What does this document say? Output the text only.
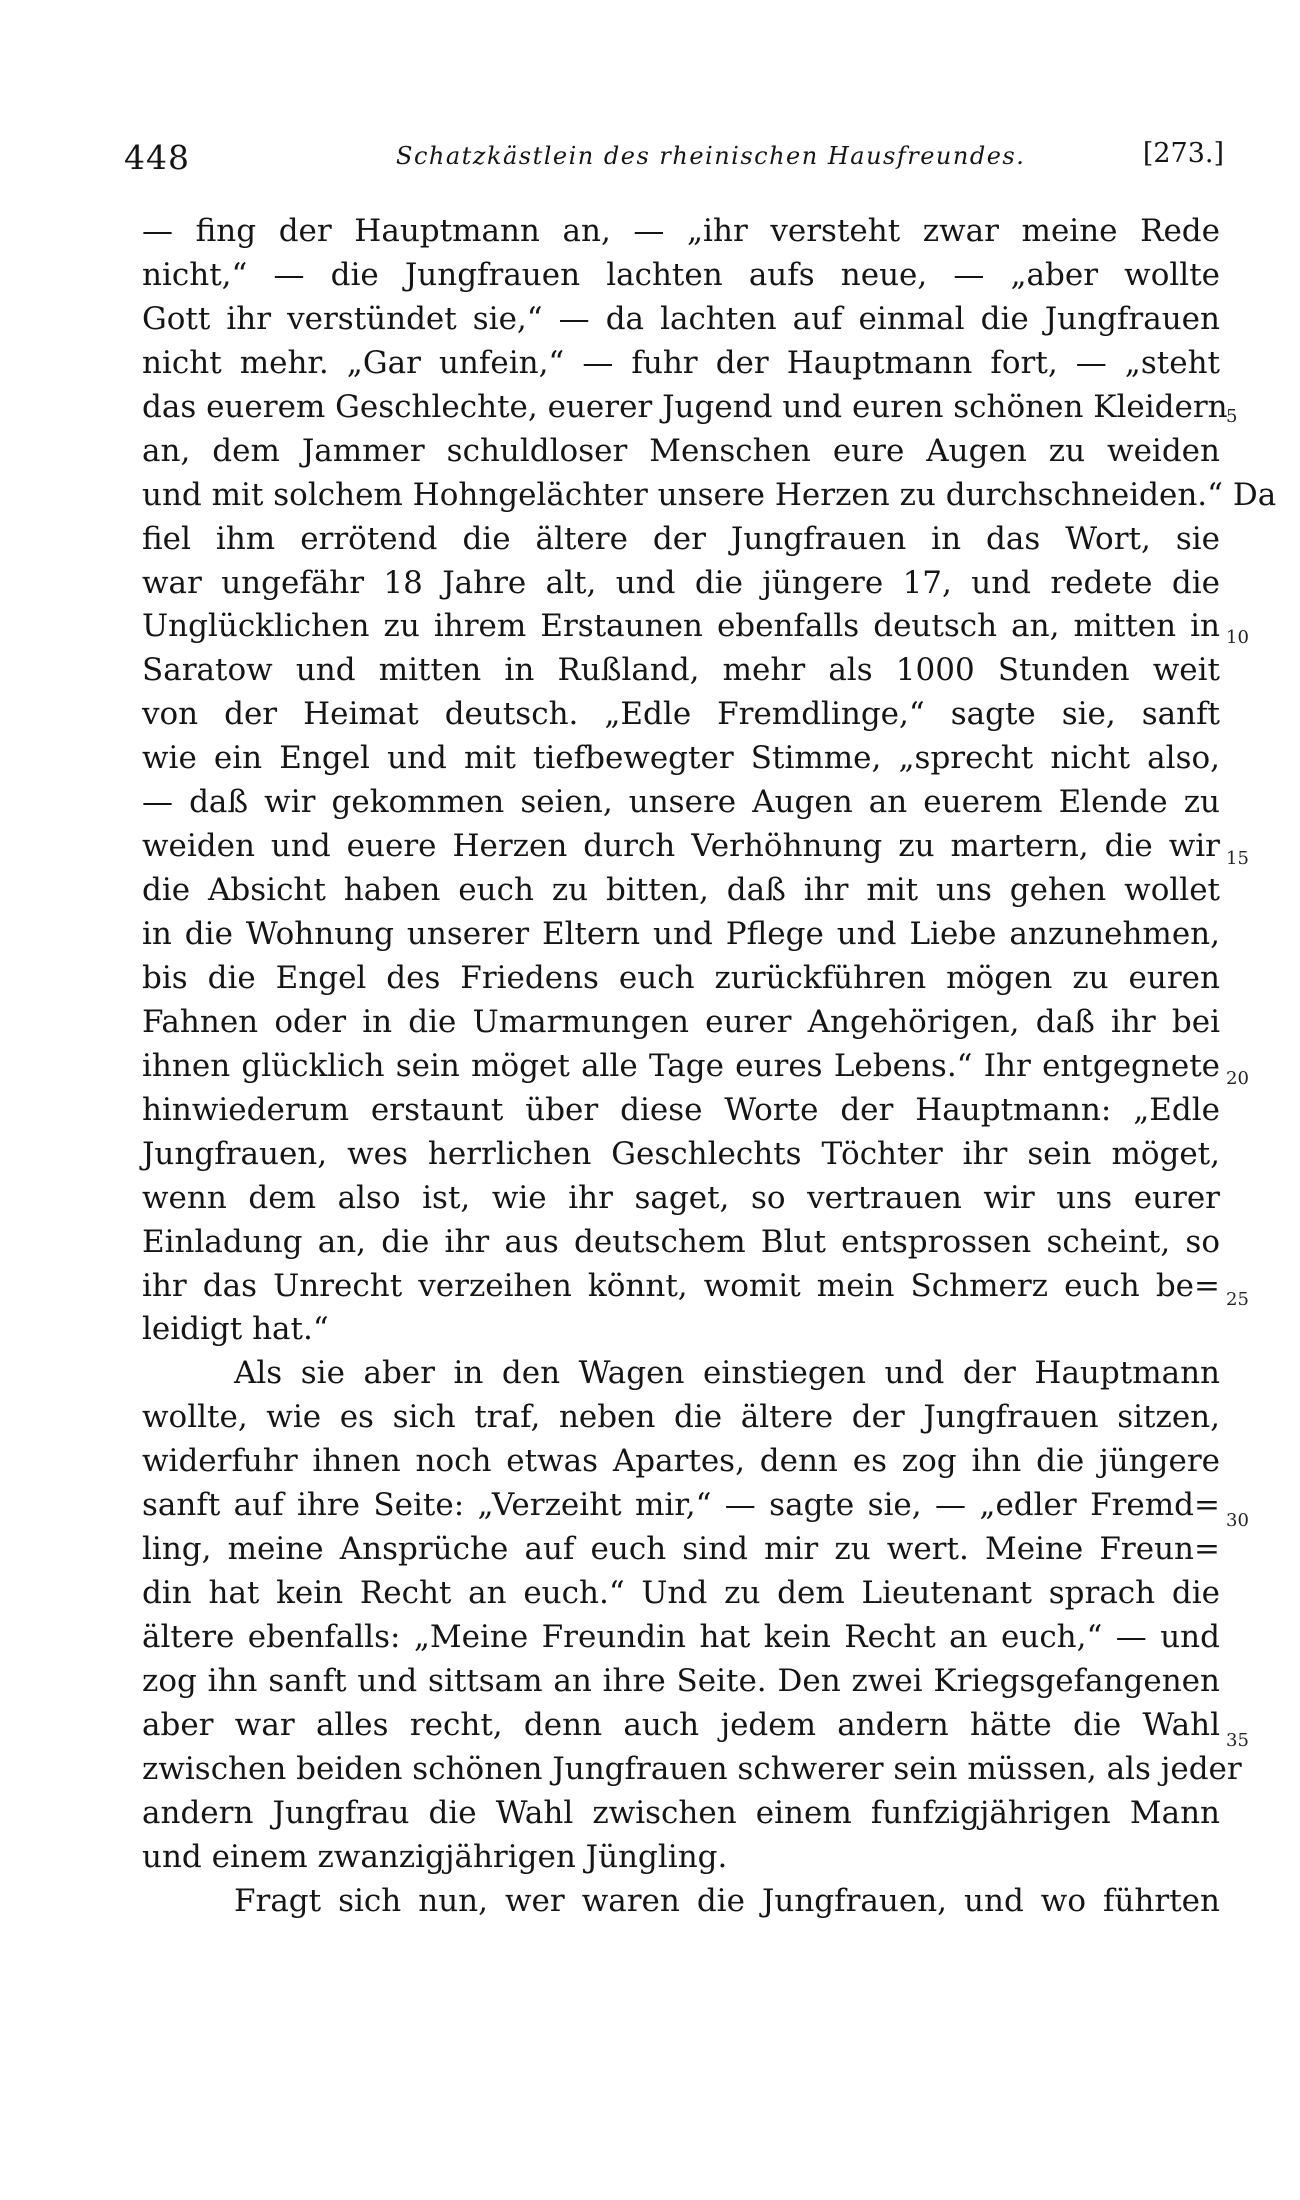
448	Schatzkästlein des rheinischen Hausfreundes.	[273.]
— fing der Hauptmann an, — „ihr versteht zwar meine Rede
nicht,“ — die Jungfrauen lachten aufs neue, — „aber wollte
Gott ihr verstündet sie,“ — da lachten auf einmal die Jungfrauen
nicht mehr. „Gar unfein,“ — fuhr der Hauptmann fort, — „steht
das euerem Geschlechte, euerer Jugend und euren schönen Kleidern
an, dem Jammer schuldloser Menschen eure Augen zu weiden
und mit solchem Hohngelächter unsere Herzen zu durchschneiden.“ Da
fiel ihm errötend die ältere der Jungfrauen in das Wort, sie
war ungefähr 18 Jahre alt, und die jüngere 17, und redete die
Unglücklichen zu ihrem Erstaunen ebenfalls deutsch an, mitten in
Saratow und mitten in Rußland, mehr als 1000 Stunden weit
von der Heimat deutsch. „Edle Fremdlinge,“ sagte sie, sanft
wie ein Engel und mit tiefbewegter Stimme, „sprecht nicht also,
— daß wir gekommen seien, unsere Augen an euerem Elende zu
weiden und euere Herzen durch Verhöhnung zu martern, die wir
die Absicht haben euch zu bitten, daß ihr mit uns gehen wollet
in die Wohnung unserer Eltern und Pflege und Liebe anzunehmen,
bis die Engel des Friedens euch zurückführen mögen zu euren
Fahnen oder in die Umarmungen eurer Angehörigen, daß ihr bei
ihnen glücklich sein möget alle Tage eures Lebens.“ Ihr entgegnete
hinwiederum erstaunt über diese Worte der Hauptmann: „Edle
Jungfrauen, wes herrlichen Geschlechts Töchter ihr sein möget,
wenn dem also ist, wie ihr saget, so vertrauen wir uns eurer
Einladung an, die ihr aus deutschem Blut entsprossen scheint, so
ihr das Unrecht verzeihen könnt, womit mein Schmerz euch be=
leidigt hat.“
Als sie aber in den Wagen einstiegen und der Hauptmann
wollte, wie es sich traf, neben die ältere der Jungfrauen sitzen,
widerfuhr ihnen noch etwas Apartes, denn es zog ihn die jüngere
sanft auf ihre Seite: „Verzeiht mir,“ — sagte sie, — „edler Fremd=
ling, meine Ansprüche auf euch sind mir zu wert. Meine Freun=
din hat kein Recht an euch.“ Und zu dem Lieutenant sprach die
ältere ebenfalls: „Meine Freundin hat kein Recht an euch,“ — und
zog ihn sanft und sittsam an ihre Seite. Den zwei Kriegsgefangenen
aber war alles recht, denn auch jedem andern hätte die Wahl
zwischen beiden schönen Jungfrauen schwerer sein müssen, als jeder
andern Jungfrau die Wahl zwischen einem funfzigjährigen Mann
und einem zwanzigjährigen Jüngling.
Fragt sich nun, wer waren die Jungfrauen, und wo führten
5
10
15
20
25
30
35
